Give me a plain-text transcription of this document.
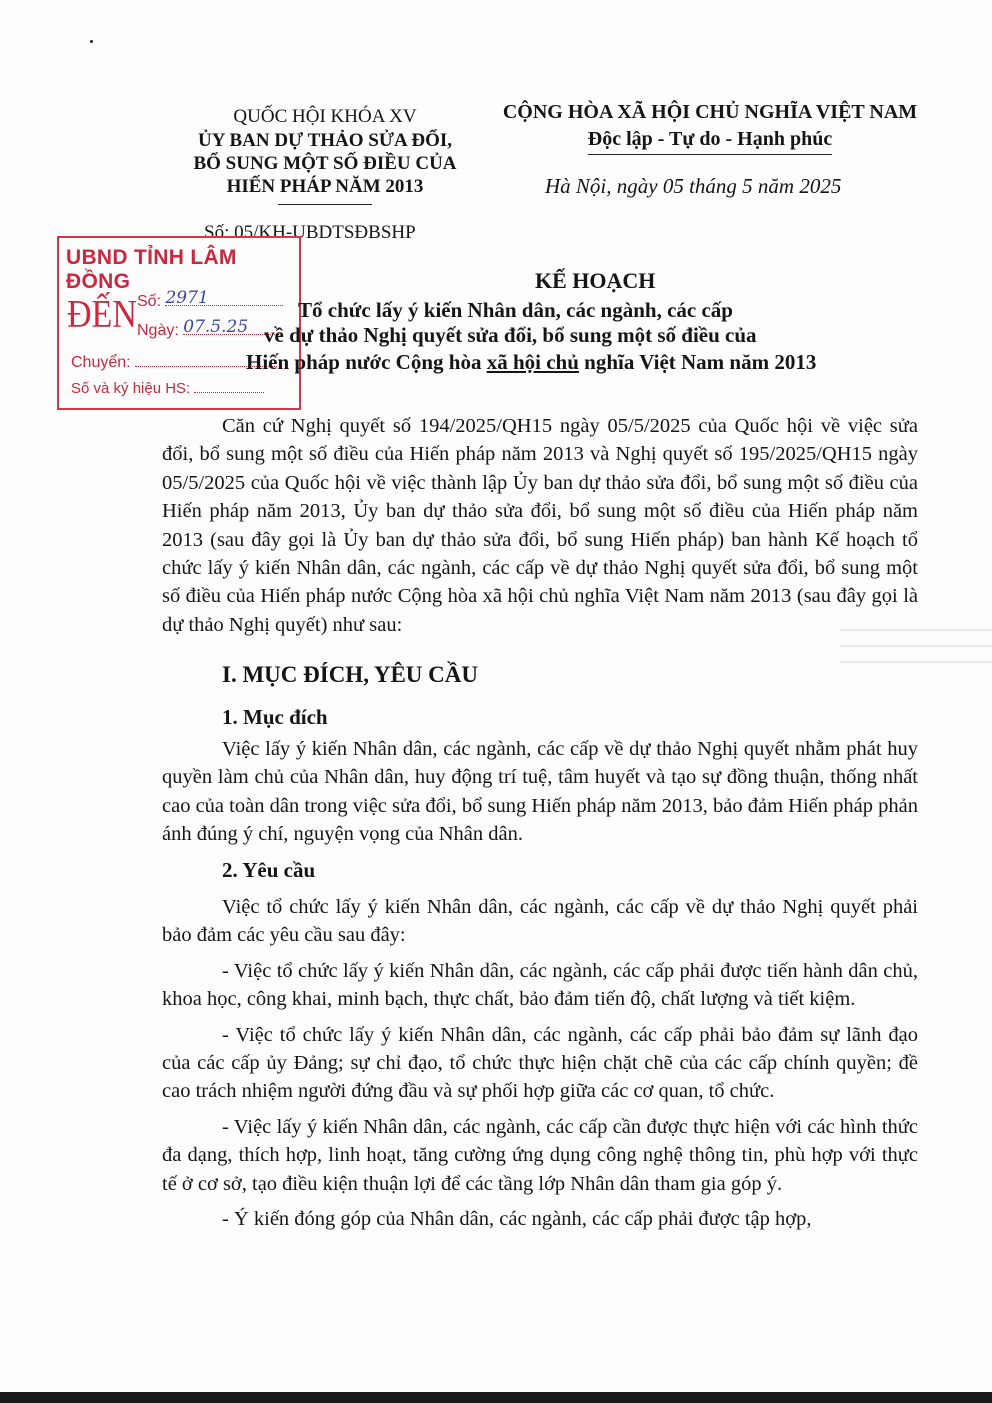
QUỐC HỘI KHÓA XV
ỦY BAN DỰ THẢO SỬA ĐỔI,
BỔ SUNG MỘT SỐ ĐIỀU CỦA
HIẾN PHÁP NĂM 2013
CỘNG HÒA XÃ HỘI CHỦ NGHĨA VIỆT NAM
Độc lập - Tự do - Hạnh phúc
Hà Nội, ngày 05 tháng 5 năm 2025
Số: 05/KH-UBDTSĐBSHP
UBND TỈNH LÂM ĐỒNG
ĐẾN Số: 2971
Ngày: 07.5.25
Chuyển:
Số và ký hiệu HS:
KẾ HOẠCH
Tổ chức lấy ý kiến Nhân dân, các ngành, các cấp
về dự thảo Nghị quyết sửa đổi, bổ sung một số điều của
Hiến pháp nước Cộng hòa xã hội chủ nghĩa Việt Nam năm 2013

Căn cứ Nghị quyết số 194/2025/QH15 ngày 05/5/2025 của Quốc hội về việc sửa đổi, bổ sung một số điều của Hiến pháp năm 2013 và Nghị quyết số 195/2025/QH15 ngày 05/5/2025 của Quốc hội về việc thành lập Ủy ban dự thảo sửa đổi, bổ sung một số điều của Hiến pháp năm 2013, Ủy ban dự thảo sửa đổi, bổ sung một số điều của Hiến pháp năm 2013 (sau đây gọi là Ủy ban dự thảo sửa đổi, bổ sung Hiến pháp) ban hành Kế hoạch tổ chức lấy ý kiến Nhân dân, các ngành, các cấp về dự thảo Nghị quyết sửa đổi, bổ sung một số điều của Hiến pháp nước Cộng hòa xã hội chủ nghĩa Việt Nam năm 2013 (sau đây gọi là dự thảo Nghị quyết) như sau:

I. MỤC ĐÍCH, YÊU CẦU
1. Mục đích

Việc lấy ý kiến Nhân dân, các ngành, các cấp về dự thảo Nghị quyết nhằm phát huy quyền làm chủ của Nhân dân, huy động trí tuệ, tâm huyết và tạo sự đồng thuận, thống nhất cao của toàn dân trong việc sửa đổi, bổ sung Hiến pháp năm 2013, bảo đảm Hiến pháp phản ánh đúng ý chí, nguyện vọng của Nhân dân.

2. Yêu cầu

Việc tổ chức lấy ý kiến Nhân dân, các ngành, các cấp về dự thảo Nghị quyết phải bảo đảm các yêu cầu sau đây:

- Việc tổ chức lấy ý kiến Nhân dân, các ngành, các cấp phải được tiến hành dân chủ, khoa học, công khai, minh bạch, thực chất, bảo đảm tiến độ, chất lượng và tiết kiệm.

- Việc tổ chức lấy ý kiến Nhân dân, các ngành, các cấp phải bảo đảm sự lãnh đạo của các cấp ủy Đảng; sự chỉ đạo, tổ chức thực hiện chặt chẽ của các cấp chính quyền; đề cao trách nhiệm người đứng đầu và sự phối hợp giữa các cơ quan, tổ chức.

- Việc lấy ý kiến Nhân dân, các ngành, các cấp cần được thực hiện với các hình thức đa dạng, thích hợp, linh hoạt, tăng cường ứng dụng công nghệ thông tin, phù hợp với thực tế ở cơ sở, tạo điều kiện thuận lợi để các tầng lớp Nhân dân tham gia góp ý.

- Ý kiến đóng góp của Nhân dân, các ngành, các cấp phải được tập hợp,
